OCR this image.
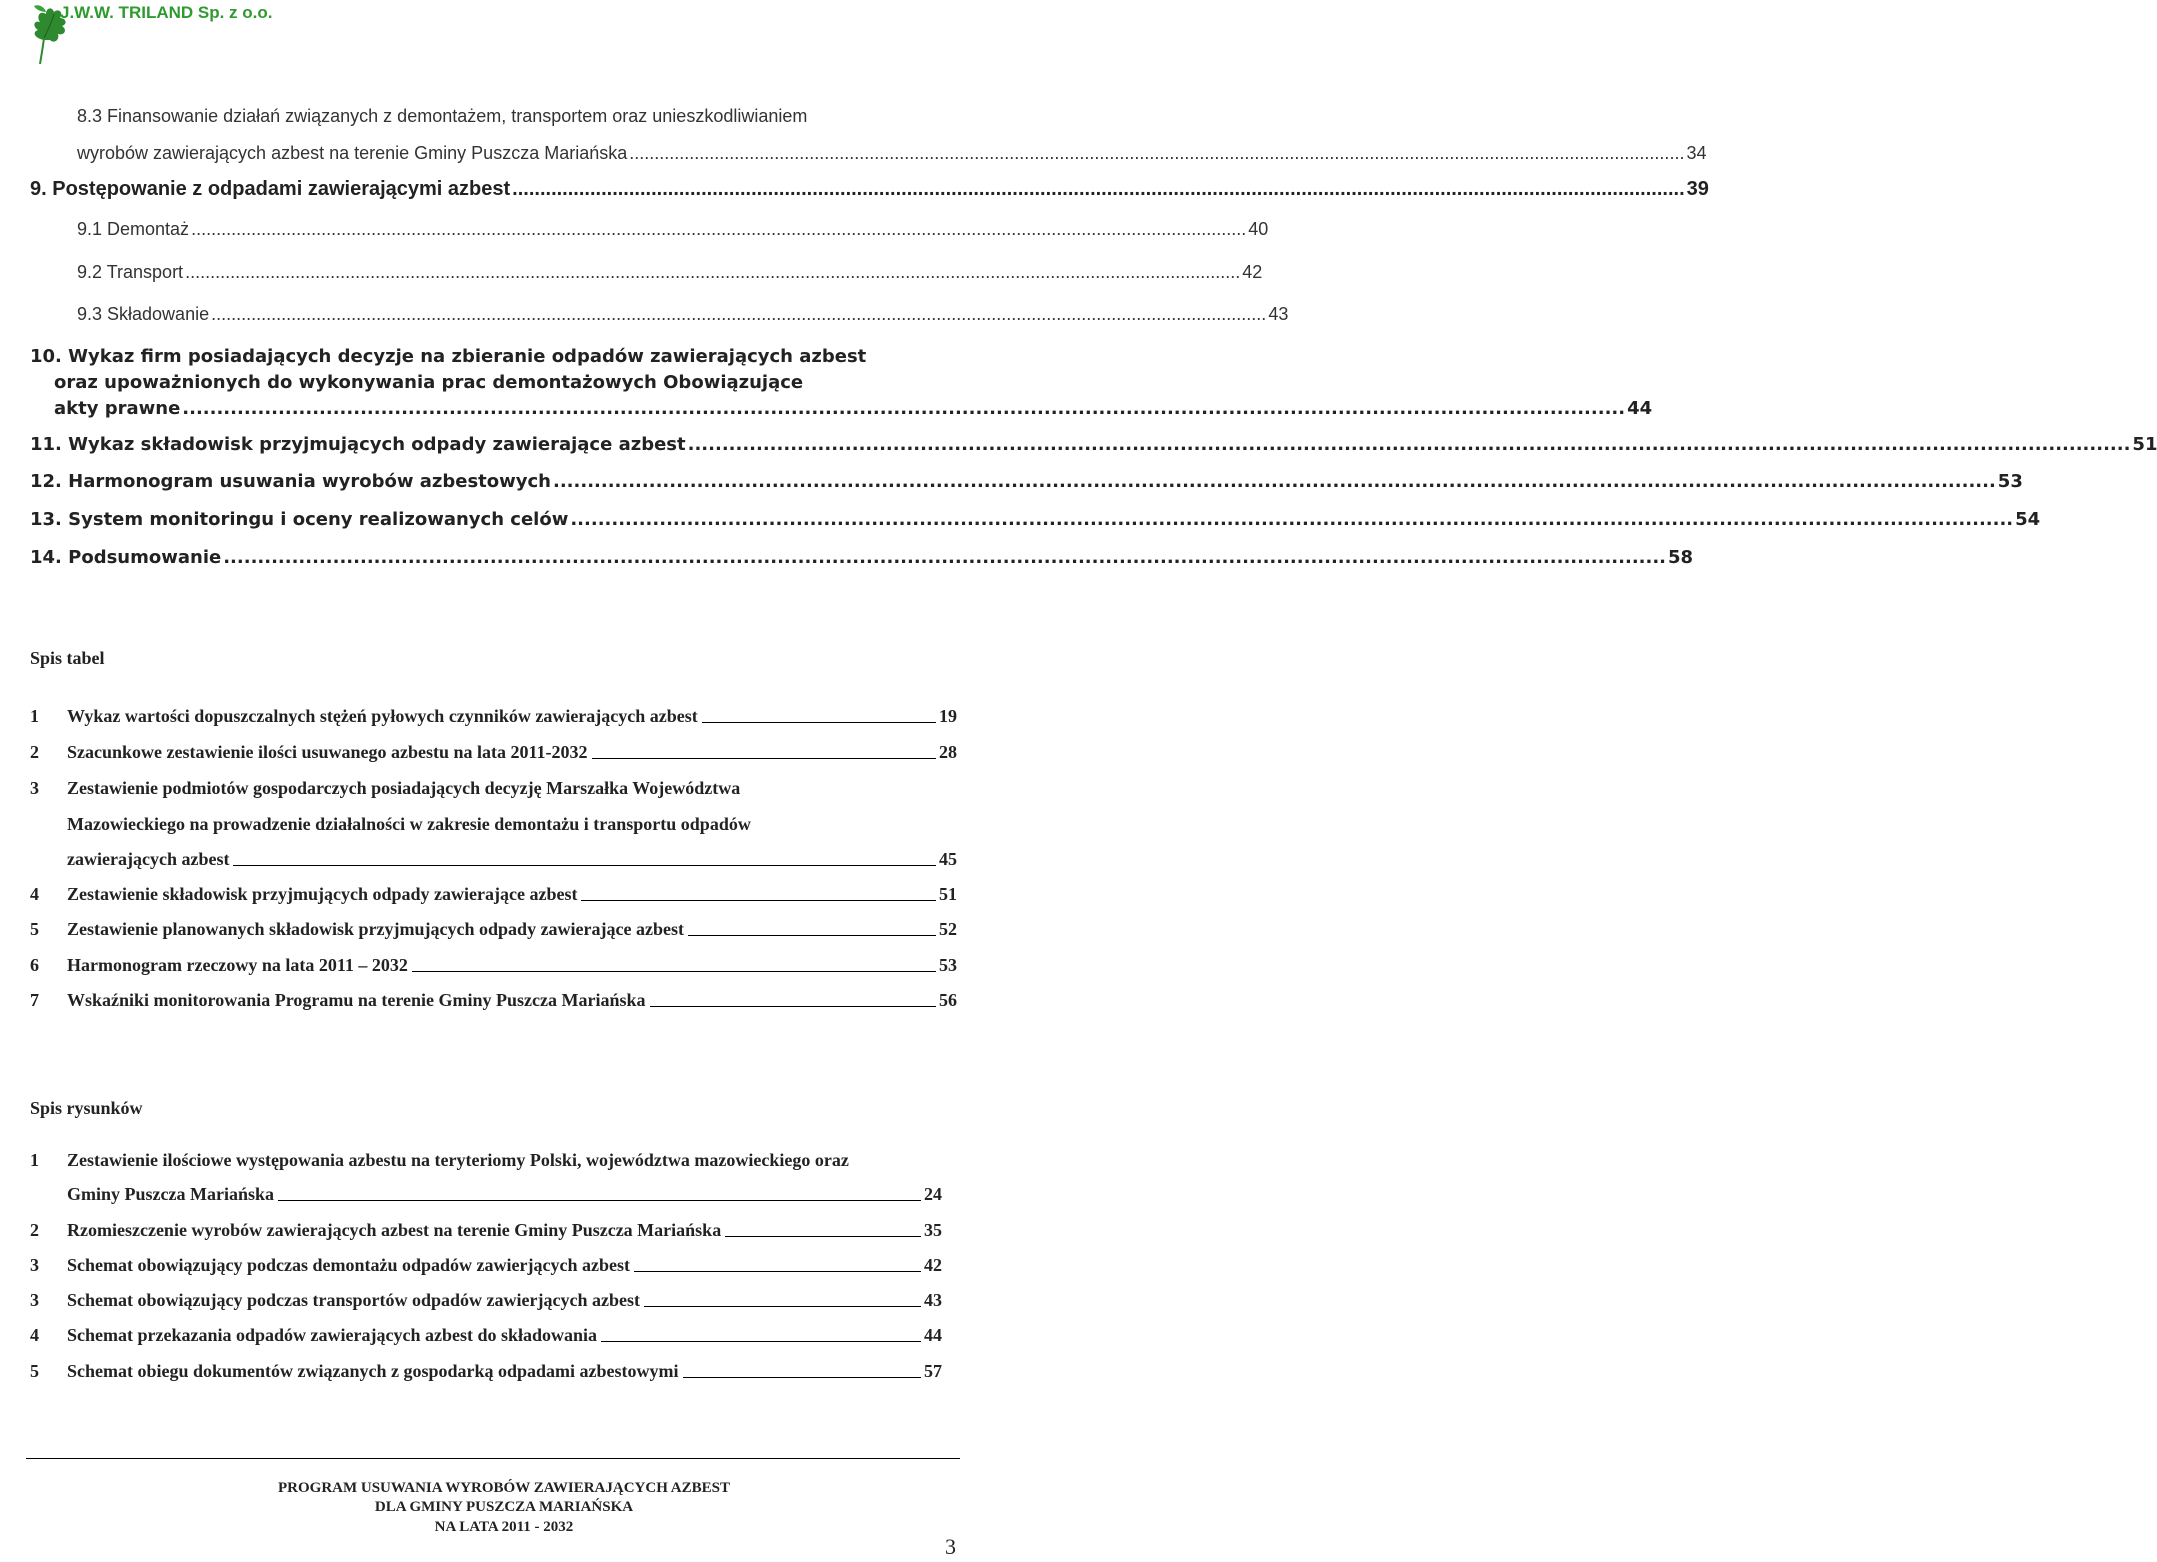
J.W.W. TRILAND Sp. z o.o.
8.3 Finansowanie działań związanych z demontażem, transportem oraz unieszkodliwianiem
wyrobów zawierających azbest na terenie Gminy Puszcza Mariańska ................................................................................................................................................................................................................... 34
9. Postępowanie z odpadami zawierającymi azbest ................................................................................................................................................................................................................... 39
9.1 Demontaż ................................................................................................................................................................................................................... 40
9.2 Transport ................................................................................................................................................................................................................... 42
9.3 Składowanie ................................................................................................................................................................................................................... 43
10. Wykaz firm posiadających decyzje na zbieranie odpadów zawierających azbest
oraz upoważnionych do wykonywania prac demontażowych Obowiązujące
akty prawne ................................................................................................................................................................................................................... 44
11. Wykaz składowisk przyjmujących odpady zawierające azbest ................................................................................................................................................................................................................... 51
12. Harmonogram usuwania wyrobów azbestowych ................................................................................................................................................................................................................... 53
13. System monitoringu i oceny realizowanych celów ................................................................................................................................................................................................................... 54
14. Podsumowanie ................................................................................................................................................................................................................... 58
Spis tabel
1	Wykaz wartości dopuszczalnych stężeń pyłowych czynników zawierających azbest	19
2	Szacunkowe zestawienie ilości usuwanego azbestu na lata 2011-2032	28
3 Zestawienie podmiotów gospodarczych posiadających decyzję Marszałka Województwa
Mazowieckiego na prowadzenie działalności w zakresie demontażu i transportu odpadów
zawierających azbest	45
4	Zestawienie składowisk przyjmujących odpady zawierające azbest	51
5	Zestawienie planowanych składowisk przyjmujących odpady zawierające azbest	52
6	Harmonogram rzeczowy na lata 2011 – 2032	53
7	Wskaźniki monitorowania Programu na terenie Gminy Puszcza Mariańska	56
Spis rysunków
1 Zestawienie ilościowe występowania azbestu na teryteriomy Polski, województwa mazowieckiego oraz
Gminy Puszcza Mariańska	24
2	Rzomieszczenie wyrobów zawierających azbest na terenie Gminy Puszcza Mariańska	35
3	Schemat obowiązujący podczas demontażu odpadów zawierjących azbest	42
3	Schemat obowiązujący podczas transportów odpadów zawierjących azbest	43
4	Schemat przekazania odpadów zawierających azbest do składowania	44
5	Schemat obiegu dokumentów związanych z gospodarką odpadami azbestowymi	57
PROGRAM USUWANIA WYROBÓW ZAWIERAJĄCYCH AZBEST
DLA GMINY PUSZCZA MARIAŃSKA
NA LATA 2011 - 2032
3
